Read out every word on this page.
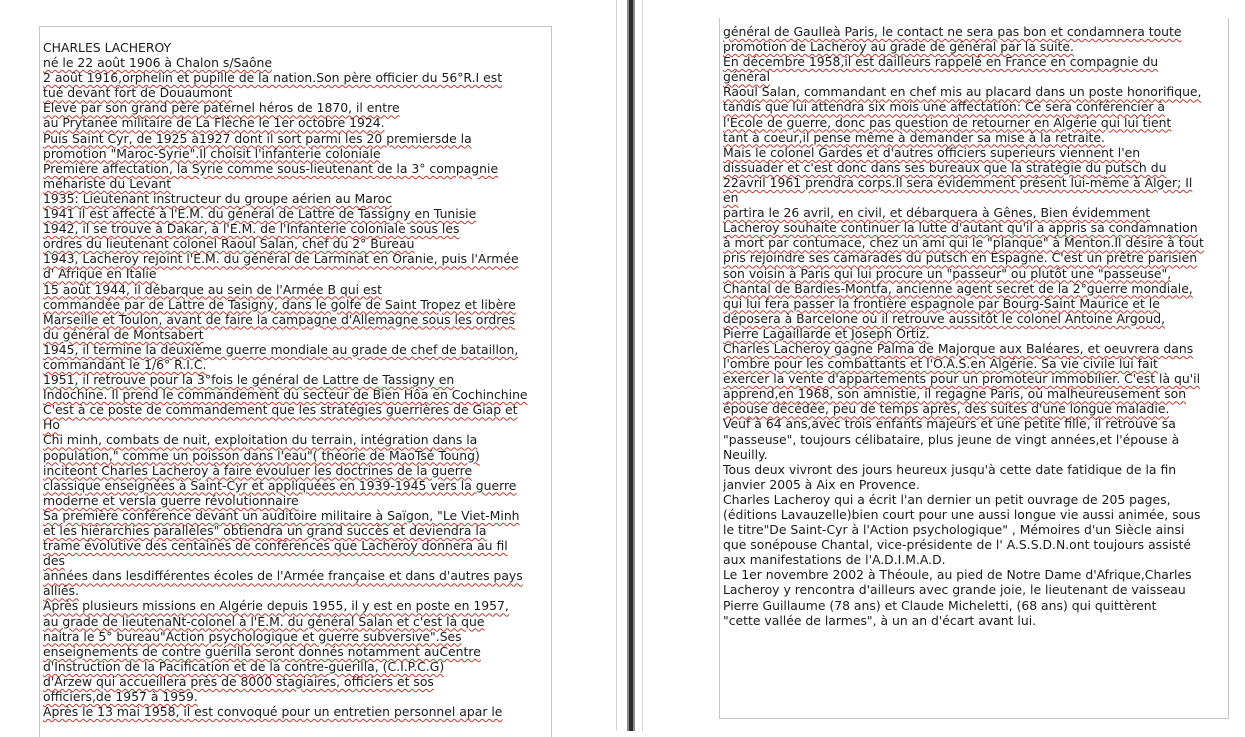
CHARLES LACHEROY
né le 22 août 1906 à Chalon s/Saône
2 août 1916,orphelin et pupille de la nation.Son père officier du 56°R.I est
tué devant fort de Douaumont
Elevé par son grand père paternel héros de 1870, il entre
au Prytanée militaire de La Flèche le 1er octobre 1924.
Puis Saint Cyr, de 1925 à1927 dont il sort parmi les 20 premiersde la
promotion "Maroc-Syrie".Il choisit l'infanterie coloniale
Première affectation, la Syrie comme sous-lieutenant de la 3° compagnie
méhariste du Levant
1935: Lieutenant instructeur du groupe aérien au Maroc
1941 il est affecté à l'E.M. du général de Lattre de Tassigny en Tunisie
1942, il se trouve à Dakar, à l'E.M. de l'Infanterie coloniale sous les
ordres du lieutenant colonel Raoul Salan, chef du 2° Bureau
1943, Lacheroy rejoint l'E.M. du général de Larminat en Oranie, puis l'Armée
d' Afrique en Italie
15 août 1944, il débarque au sein de l'Armée B qui est
commandée par de Lattre de Tasigny, dans le golfe de Saint Tropez et libère
Marseille et Toulon, avant de faire la campagne d'Allemagne sous les ordres
du général de Montsabert
1945, il termine la deuxième guerre mondiale au grade de chef de bataillon,
commandant le 1/6° R.I.C.
1951, il retrouve pour la 3°fois le général de Lattre de Tassigny en
Indochine. Il prend le commandement du secteur de Bien Hôa en Cochinchine
C'est à ce poste de commandement que les stratégies guerrières de Giap et
Ho
Chi minh, combats de nuit, exploitation du terrain, intégration dans la
population," comme un poisson dans l'eau"( théorie de MaoTsé Toung)
inciteont Charles Lacheroy à faire évouluer les doctrines de la guerre
classique enseignées à Saint-Cyr et appliquées en 1939-1945 vers la guerre
moderne et versla guerre révolutionnaire
Sa première conférence devant un auditoire militaire à Saïgon, "Le Viet-Minh
et les hiérarchies parallèles" obtiendra un grand succès et deviendra la
trame évolutive des centaines de conférences que Lacheroy donnera au fil
des
années dans lesdifférentes écoles de l'Armée française et dans d'autres pays
alliés.
Après plusieurs missions en Algérie depuis 1955, il y est en poste en 1957,
au grade de lieutenaNt-colonel à l'E.M. du général Salan et c'est là que
naitra le 5° bureau"Action psychologique et guerre subversive".Ses
enseignements de contre guérilla seront donnés notamment auCentre
d'Instruction de la Pacification et de la contre-guerilla, (C.I.P.C.G)
d'Arzew qui accueillera près de 8000 stagiaires, officiers et sos
officiers,de 1957 à 1959.
Après le 13 mai 1958, il est convoqué pour un entretien personnel apar le
général de Gaulleà Paris, le contact ne sera pas bon et condamnera toute
promotion de Lacheroy au grade de général par la suite.
En décembre 1958,il est dailleurs rappelé en France en compagnie du
général
Raoul Salan, commandant en chef mis au placard dans un poste honorifique,
tandis que lui attendra six mois une affectation: Ce sera conférencier à
l'Ecole de guerre, donc pas question de retourner en Algérie qui lui tient
tant à coeur,il pense même à demander sa mise à la retraite.
Mais le colonel Gardes et d'autres officiers superieurs viennent l'en
dissuader et c'est donc dans ses bureaux que la stratégie du putsch du
22avril 1961 prendra corps.Il sera évidemment présent lui-même à Alger; Il
en
partira le 26 avril, en civil, et débarquera à Gênes, Bien évidemment
Lacheroy souhaite continuer la lutte d'autant qu'il a appris sa condamnation
à mort par contumace, chez un ami qui le "planque" à Menton.Il désire à tout
pris rejoindre ses camarades du putsch en Espagne. C'est un prêtre parisien
son voisin à Paris qui lui procure un "passeur" ou plutôt une "passeuse",
Chantal de Bardies-Montfa, ancienne agent secret de la 2°guerre mondiale,
qui lui fera passer la frontière espagnole par Bourg-Saint Maurice et le
déposera à Barcelone où il retrouve aussitôt le colonel Antoine Argoud,
Pierre Lagaillarde et Joseph Ortiz.
Charles Lacheroy gagne Palma de Majorque aux Baléares, et oeuvrera dans
l'ombre pour les combattants et l'O.A.S.en Algérie. Sa vie civile lui fait
exercer la vente d'appartements pour un promoteur immobilier. C'est là qu'il
apprend,en 1968, son amnistie, il regagne Paris, où malheureusement son
épouse décédée, peu de temps après, des suites d'une longue maladie.
Veuf à 64 ans,avec trois enfants majeurs et une petite fille, il retrouve sa
"passeuse", toujours célibataire, plus jeune de vingt années,et l'épouse à
Neuilly.
Tous deux vivront des jours heureux jusqu'à cette date fatidique de la fin
janvier 2005 à Aix en Provence.
Charles Lacheroy qui a écrit l'an dernier un petit ouvrage de 205 pages,
(éditions Lavauzelle)bien court pour une aussi longue vie aussi animée, sous
le titre"De Saint-Cyr à l'Action psychologique" , Mémoires d'un Siècle ainsi
que sonépouse Chantal, vice-présidente de l' A.S.S.D.N.ont toujours assisté
aux manifestations de l'A.D.I.M.A.D.
Le 1er novembre 2002 à Théoule, au pied de Notre Dame d'Afrique,Charles
Lacheroy y rencontra d'ailleurs avec grande joie, le lieutenant de vaisseau
Pierre Guillaume (78 ans) et Claude Micheletti, (68 ans) qui quittèrent
"cette vallée de larmes", à un an d'écart avant lui.
